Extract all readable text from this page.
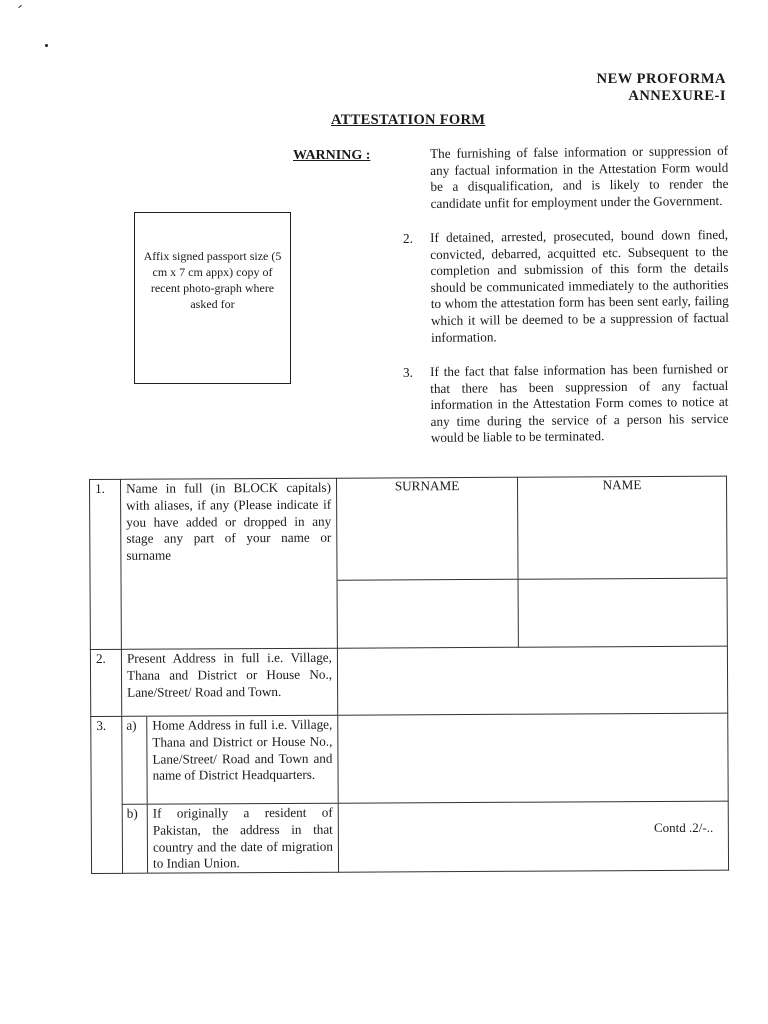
NEW PROFORMA
ANNEXURE-I
ATTESTATION FORM
WARNING :	The furnishing of false information or suppression of any factual information in the Attestation Form would be a disqualification, and is likely to render the candidate unfit for employment under the Government.
2. If detained, arrested, prosecuted, bound down fined, convicted, debarred, acquitted etc. Subsequent to the completion and submission of this form the details should be communicated immediately to the authorities to whom the attestation form has been sent early, failing which it will be deemed to be a suppression of factual information.
3. If the fact that false information has been furnished or that there has been suppression of any factual information in the Attestation Form comes to notice at any time during the service of a person his service would be liable to be terminated.
Affix signed passport size (5 cm x 7 cm appx) copy of recent photo-graph where asked for
1.	Name in full (in BLOCK capitals) with aliases, if any (Please indicate if you have added or dropped in any stage any part of your name or surname	SURNAME	NAME

2.	Present Address in full i.e. Village, Thana and District or House No., Lane/Street/ Road and Town.	
3.	a)	Home Address in full i.e. Village, Thana and District or House No., Lane/Street/ Road and Town and name of District Headquarters.

b)	If originally a resident of Pakistan, the address in that country and the date of migration to Indian Union.

Contd .2/-..
